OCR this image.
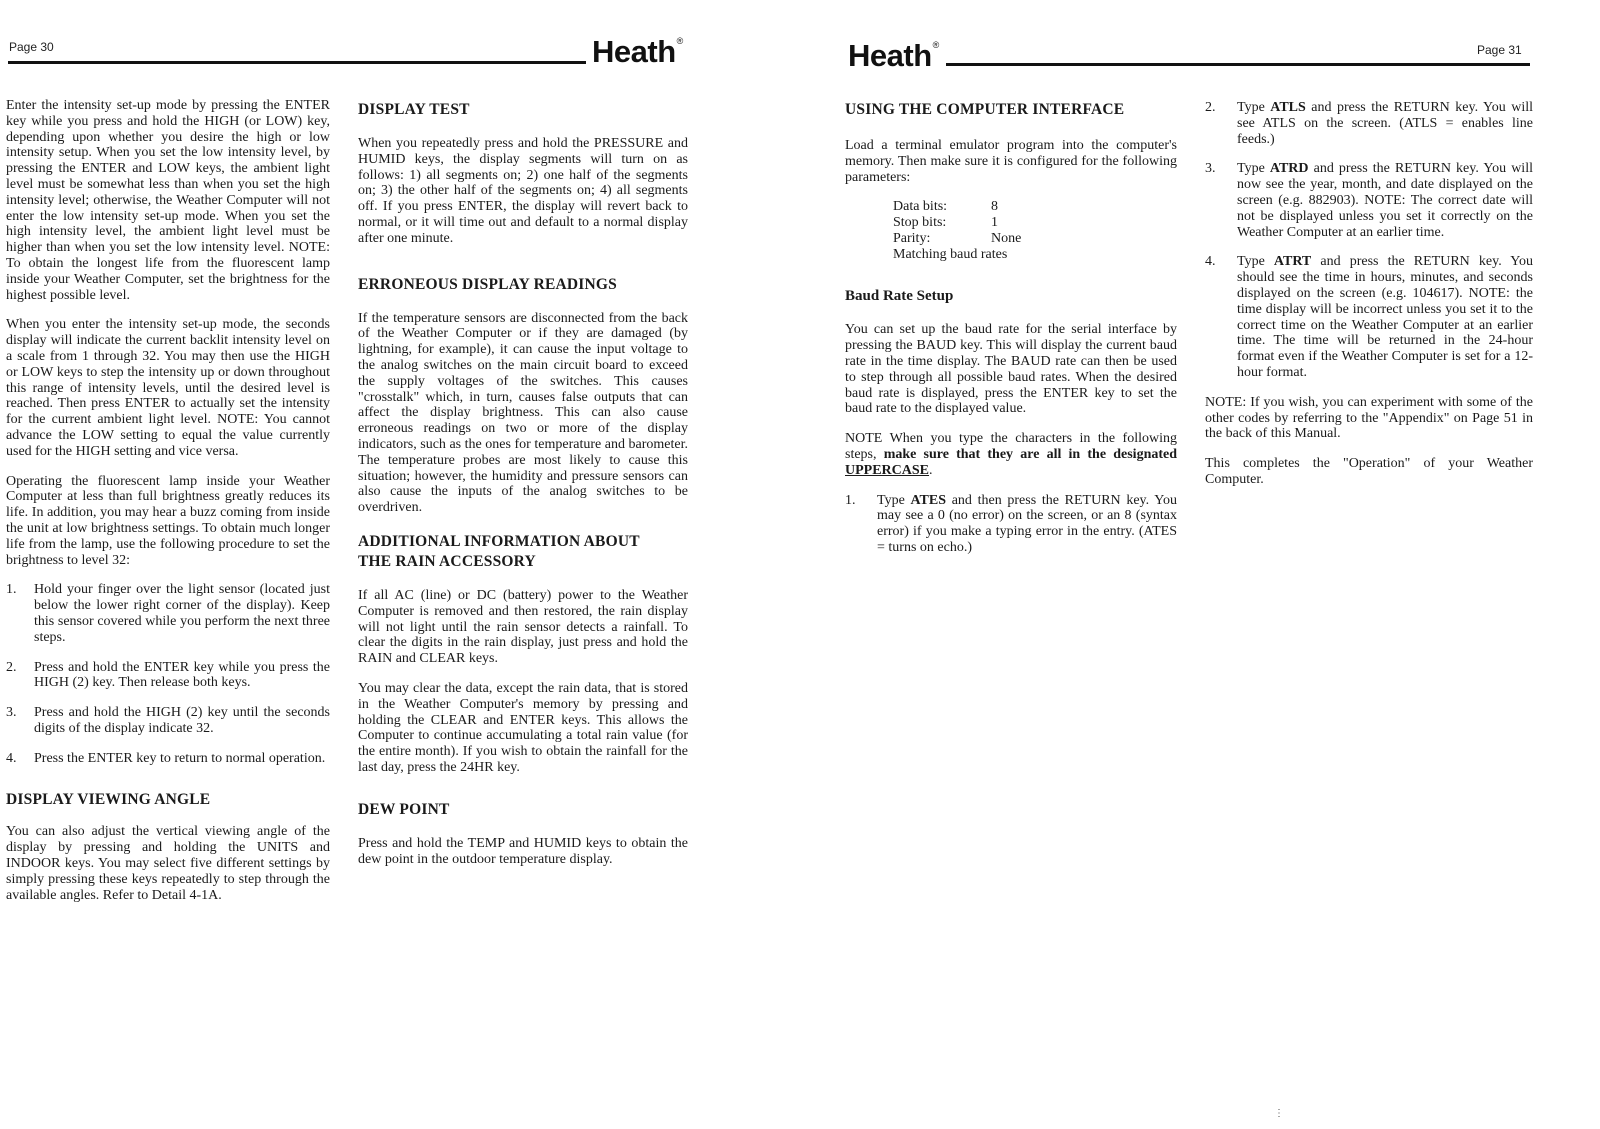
Page 30	Heath®

Enter the intensity set-up mode by pressing the ENTER key while you press and hold the HIGH (or LOW) key, depending upon whether you desire the high or low intensity setup. When you set the low intensity level, by pressing the ENTER and LOW keys, the ambient light level must be somewhat less than when you set the high intensity level; otherwise, the Weather Computer will not enter the low intensity set-up mode. When you set the high intensity level, the ambient light level must be higher than when you set the low intensity level. NOTE: To obtain the longest life from the fluorescent lamp inside your Weather Computer, set the brightness for the highest possible level.

When you enter the intensity set-up mode, the seconds display will indicate the current backlit intensity level on a scale from 1 through 32. You may then use the HIGH or LOW keys to step the intensity up or down throughout this range of intensity levels, until the desired level is reached. Then press ENTER to actually set the intensity for the current ambient light level. NOTE: You cannot advance the LOW setting to equal the value currently used for the HIGH setting and vice versa.

Operating the fluorescent lamp inside your Weather Computer at less than full brightness greatly reduces its life. In addition, you may hear a buzz coming from inside the unit at low brightness settings. To obtain much longer life from the lamp, use the following procedure to set the brightness to level 32:

1. Hold your finger over the light sensor (located just below the lower right corner of the display). Keep this sensor covered while you perform the next three steps.
2. Press and hold the ENTER key while you press the HIGH (2) key. Then release both keys.
3. Press and hold the HIGH (2) key until the seconds digits of the display indicate 32.
4. Press the ENTER key to return to normal operation.

DISPLAY VIEWING ANGLE

You can also adjust the vertical viewing angle of the display by pressing and holding the UNITS and INDOOR keys. You may select five different settings by simply pressing these keys repeatedly to step through the available angles. Refer to Detail 4-1A.

DISPLAY TEST

When you repeatedly press and hold the PRESSURE and HUMID keys, the display segments will turn on as follows: 1) all segments on; 2) one half of the segments on; 3) the other half of the segments on; 4) all segments off. If you press ENTER, the display will revert back to normal, or it will time out and default to a normal display after one minute.

ERRONEOUS DISPLAY READINGS

If the temperature sensors are disconnected from the back of the Weather Computer or if they are damaged (by lightning, for example), it can cause the input voltage to the analog switches on the main circuit board to exceed the supply voltages of the switches. This causes "crosstalk" which, in turn, causes false outputs that can affect the display brightness. This can also cause erroneous readings on two or more of the display indicators, such as the ones for temperature and barometer. The temperature probes are most likely to cause this situation; however, the humidity and pressure sensors can also cause the inputs of the analog switches to be overdriven.

ADDITIONAL INFORMATION ABOUT
THE RAIN ACCESSORY

If all AC (line) or DC (battery) power to the Weather Computer is removed and then restored, the rain display will not light until the rain sensor detects a rainfall. To clear the digits in the rain display, just press and hold the RAIN and CLEAR keys.

You may clear the data, except the rain data, that is stored in the Weather Computer's memory by pressing and holding the CLEAR and ENTER keys. This allows the Computer to continue accumulating a total rain value (for the entire month). If you wish to obtain the rainfall for the last day, press the 24HR key.

DEW POINT

Press and hold the TEMP and HUMID keys to obtain the dew point in the outdoor temperature display.

Heath®	Page 31

USING THE COMPUTER INTERFACE

Load a terminal emulator program into the computer's memory. Then make sure it is configured for the following parameters:

Data bits:	8
Stop bits:	1
Parity:	None
Matching baud rates

Baud Rate Setup

You can set up the baud rate for the serial interface by pressing the BAUD key. This will display the current baud rate in the time display. The BAUD rate can then be used to step through all possible baud rates. When the desired baud rate is displayed, press the ENTER key to set the baud rate to the displayed value.

NOTE When you type the characters in the following steps, make sure that they are all in the designated UPPERCASE.

1. Type ATES and then press the RETURN key. You may see a 0 (no error) on the screen, or an 8 (syntax error) if you make a typing error in the entry. (ATES = turns on echo.)
2. Type ATLS and press the RETURN key. You will see ATLS on the screen. (ATLS = enables line feeds.)
3. Type ATRD and press the RETURN key. You will now see the year, month, and date displayed on the screen (e.g. 882903). NOTE: The correct date will not be displayed unless you set it correctly on the Weather Computer at an earlier time.
4. Type ATRT and press the RETURN key. You should see the time in hours, minutes, and seconds displayed on the screen (e.g. 104617). NOTE: the time display will be incorrect unless you set it to the correct time on the Weather Computer at an earlier time. The time will be returned in the 24-hour format even if the Weather Computer is set for a 12-hour format.

NOTE: If you wish, you can experiment with some of the other codes by referring to the "Appendix" on Page 51 in the back of this Manual.

This completes the "Operation" of your Weather Computer.

⋮
